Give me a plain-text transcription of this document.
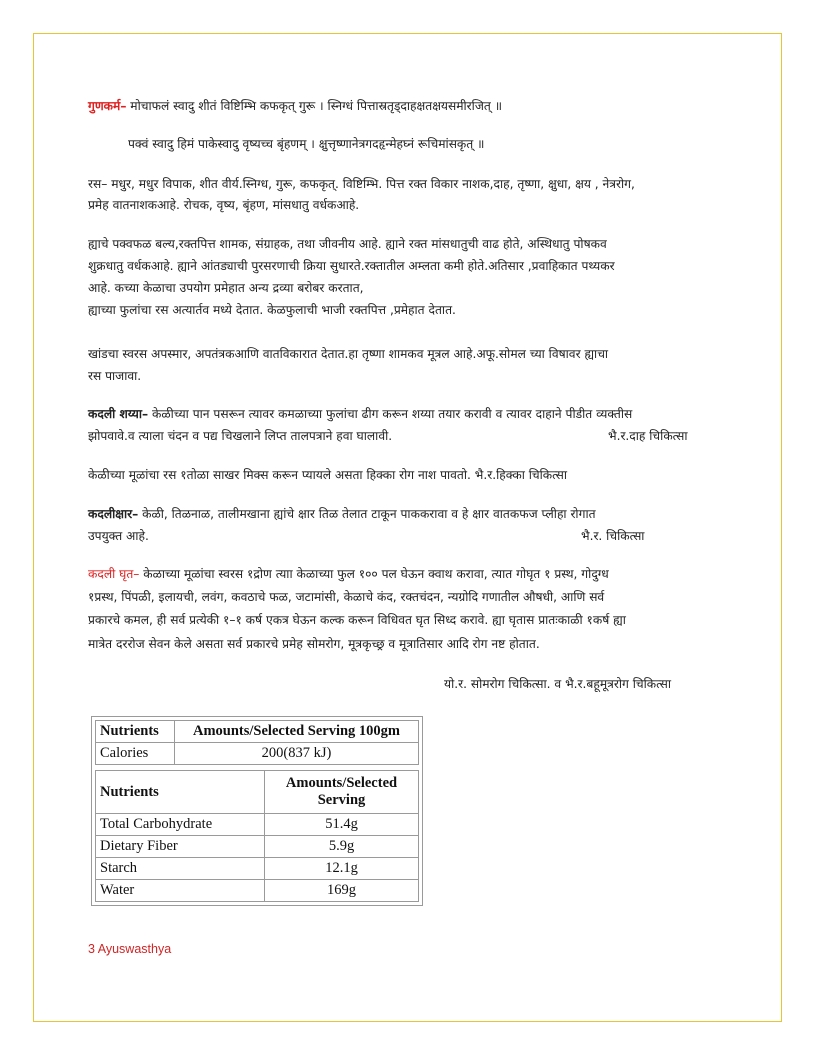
गुणकर्म– मोचाफलं स्वादु शीतं विष्टिम्भि कफकृत् गुरू । स्निग्धं पित्तास्रतृड्दाहक्षतक्षयसमीरजित् ॥

पक्वं स्वादु हिमं पाकेस्वादु वृष्यच्च बृंहणम् । क्षुत्तृष्णानेत्रगदहृन्मेहघ्नं रूचिमांसकृत् ॥

रस– मधुर, मधुर विपाक, शीत वीर्य.स्निग्ध, गुरू, कफकृत्. विष्टिम्भि. पित्त रक्त विकार नाशक,दाह, तृष्णा, क्षुधा, क्षय , नेत्ररोग,

प्रमेह वातनाशकआहे. रोचक, वृष्य, बृंहण, मांसधातु वर्धकआहे.

ह्याचे पक्वफळ बल्य,रक्तपित्त शामक, संग्राहक, तथा जीवनीय आहे. ह्याने रक्त मांसधातुची वाढ होते, अस्थिधातु पोषकव

शुक्रधातु वर्धकआहे. ह्याने आंतड्याची पुरसरणाची क्रिया सुधारते.रक्तातील अम्लता कमी होते.अतिसार ,प्रवाहिकात पथ्यकर

आहे. कच्या केळाचा उपयोग प्रमेहात अन्य द्रव्या बरोबर करतात,

ह्याच्या फुलांचा रस अत्यार्तव मध्ये देतात. केळफुलाची भाजी रक्तपित्त ,प्रमेहात देतात.

खांडचा स्वरस अपस्मार, अपतंत्रकआणि वातविकारात देतात.हा तृष्णा शामकव मूत्रल आहे.अफू.सोमल च्या विषावर ह्याचा

रस पाजावा.

कदली शय्या– केळीच्या पान पसरून त्यावर कमळाच्या फुलांचा ढीग करून शय्या तयार करावी व त्यावर दाहाने पीडीत व्यक्तीस

झोपवावे.व त्याला चंदन व पद्य चिखलाने लिप्त तालपत्राने हवा घालावी.	भै.र.दाह चिकित्सा

केळीच्या मूळांचा रस १तोळा साखर मिक्स करून प्यायले असता हिक्का रोग नाश पावतो. भै.र.हिक्का चिकित्सा

कदलीक्षार– केळी, तिळनाळ, तालीमखाना ह्यांचे क्षार तिळ तेलात टाकून पाककरावा व हे क्षार वातकफज प्लीहा रोगात

उपयुक्त आहे.	भै.र. चिकित्सा

कदली घृत– केळाच्या मूळांचा स्वरस १द्रोण त्याा केळाच्या फुल १०० पल घेऊन क्वाथ करावा, त्यात गोघृत १ प्रस्थ, गोदुग्ध

१प्रस्थ, पिंपळी, इलायची, लवंग, कवठाचे फळ, जटामांसी, केळाचे कंद, रक्तचंदन, न्यग्रोदि गणातील औषधी, आणि सर्व

प्रकारचे कमल, ही सर्व प्रत्येकी १–१ कर्ष एकत्र घेऊन कल्क करून विधिवत घृत सिध्द करावे. ह्या घृतास प्रातःकाळी १कर्ष ह्या

मात्रेत दररोज सेवन केले असता सर्व प्रकारचे प्रमेह सोमरोग, मूत्रकृच्छ्र व मूत्रातिसार आदि रोग नष्ट होतात.

यो.र. सोमरोग चिकित्सा. व भै.र.बहूमूत्ररोग चिकित्सा
Nutrients	Amounts/Selected Serving 100gm
Calories	200(837 kJ)
Nutrients	Amounts/Selected
Serving
Total Carbohydrate	51.4g
Dietary Fiber	5.9g
Starch	12.1g
Water	169g
3 Ayuswasthya
